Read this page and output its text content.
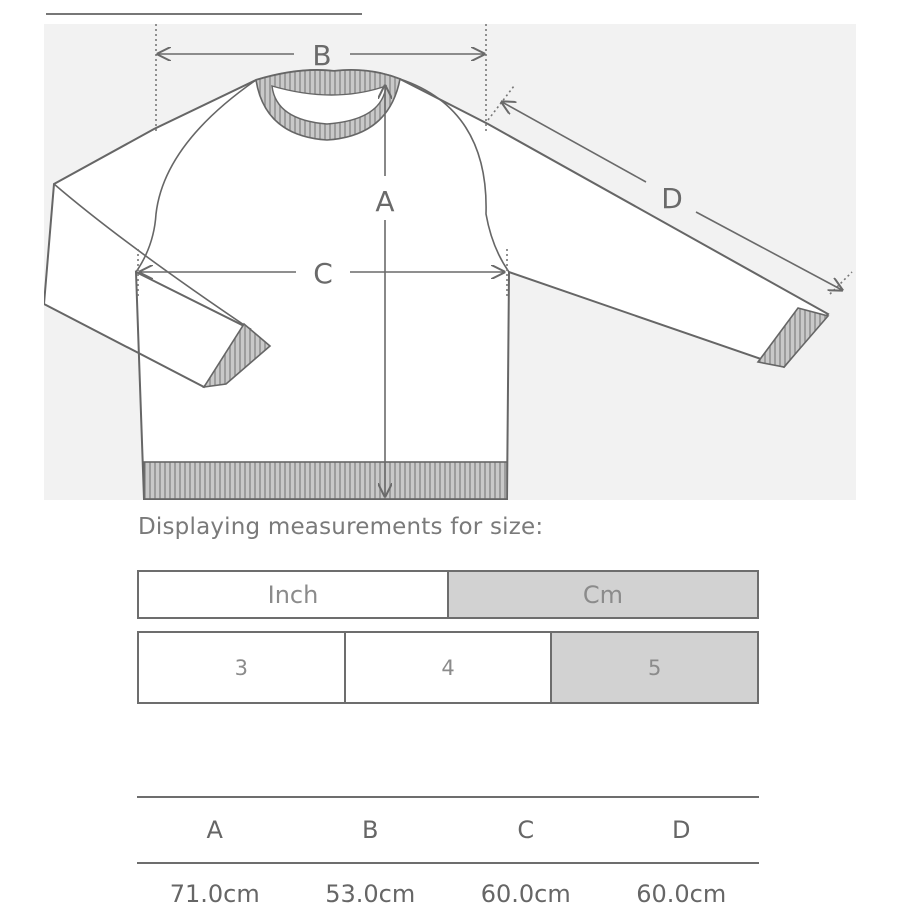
B
A
C
D
Displaying measurements for size:
Inch	Cm
3	4	5
A	B	C	D
71.0cm	53.0cm	60.0cm	60.0cm
